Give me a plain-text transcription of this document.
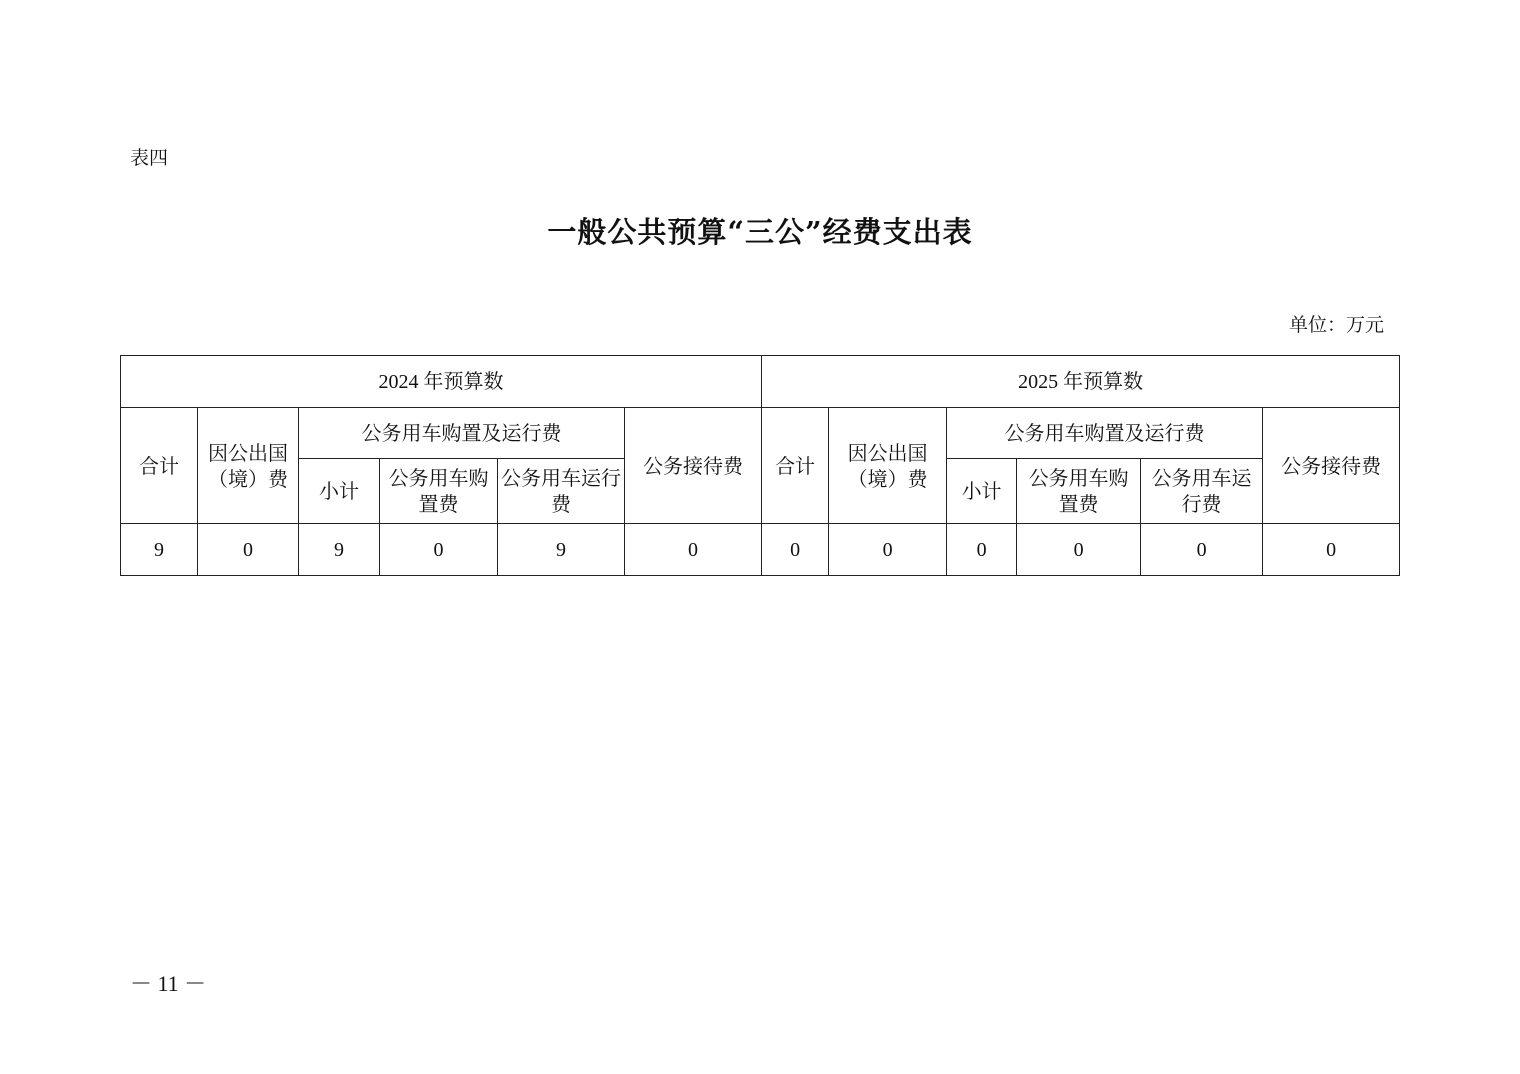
表四
一般公共预算“三公”经费支出表
单位：万元
2024 年预算数						2025 年预算数					
合计	因公出国（境）费	公务用车购置及运行费			公务接待费	合计	因公出国（境）费	公务用车购置及运行费			公务接待费
		小计	公务用车购置费	公务用车运行费				小计	公务用车购置费	公务用车运行费	
9	0	9	0	9	0	0	0	0	0	0	0
－ 11 －
